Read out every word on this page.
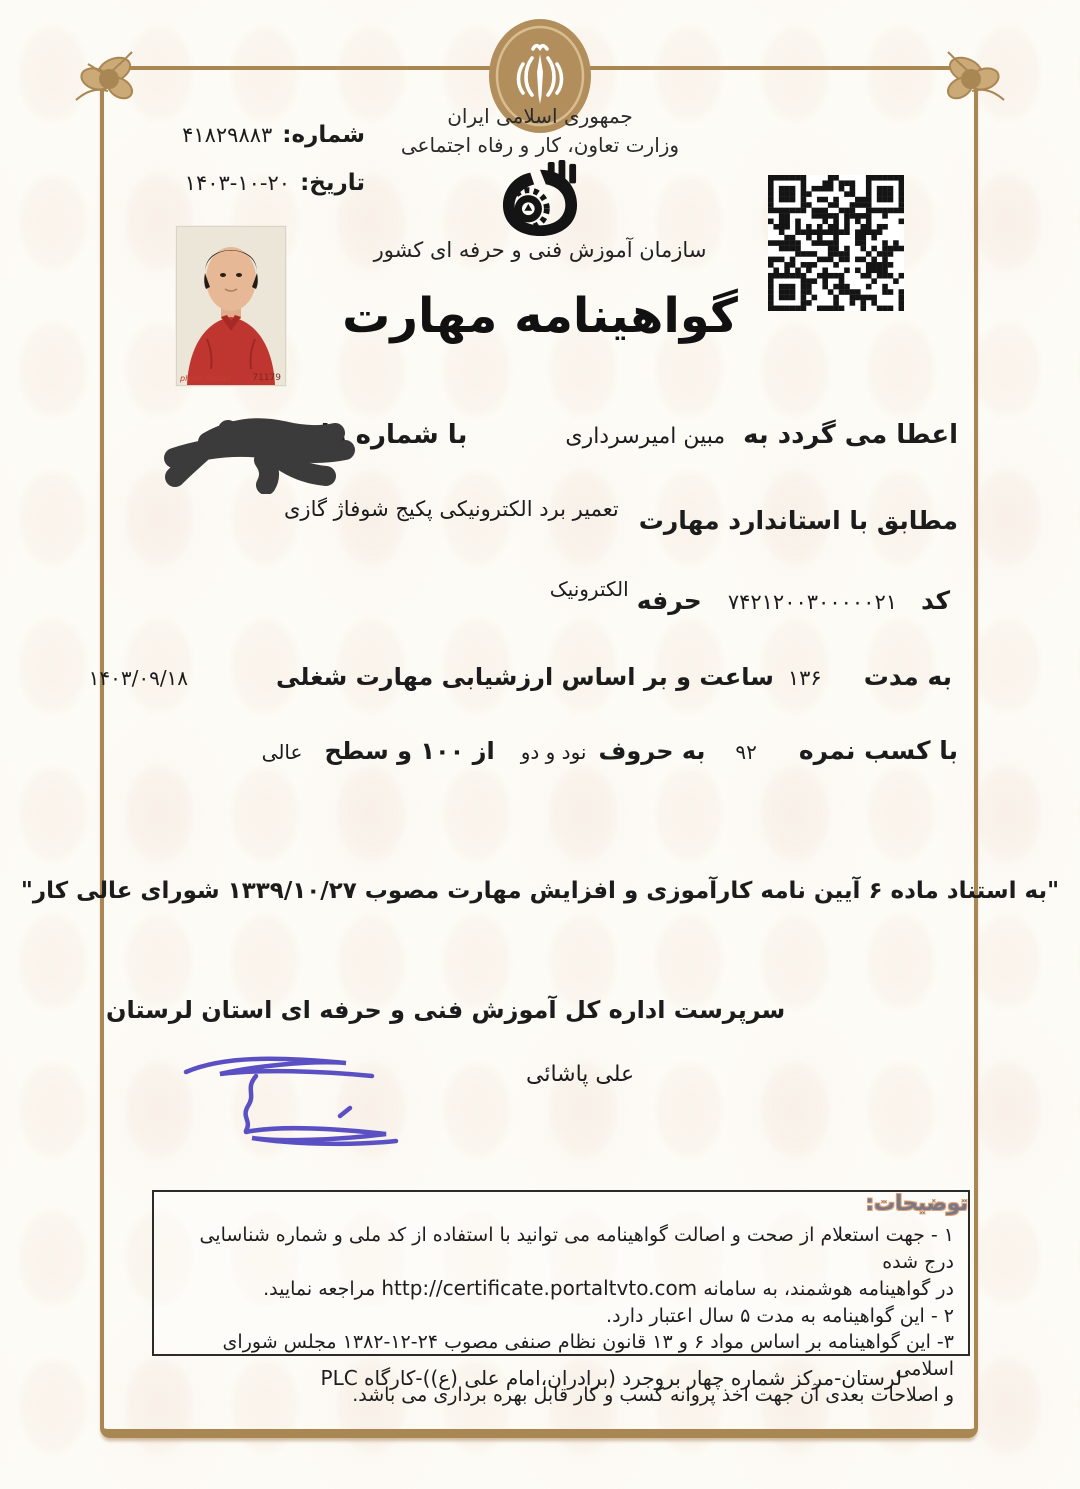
جمهوری اسلامی ایران
وزارت تعاون، کار و رفاه اجتماعی
سازمان آموزش فنی و حرفه ای کشور
شماره:
۴۱۸۲۹۸۸۳
تاریخ:
۱۴۰۳-۱۰-۲۰
photo farzad 71179
گواهینامه مهارت
اعطا می گردد به
مبین امیرسرداری
با شماره ملی
مطابق با استاندارد مهارت
تعمیر برد الکترونیکی پکیج شوفاژ گازی
کد
۷۴۲۱۲۰۰۳۰۰۰۰۰۲۱
حرفه
الکترونیک
به مدت
۱۳۶
ساعت و بر اساس ارزشیابی مهارت شغلی
۱۴۰۳/۰۹/۱۸
با کسب نمره
۹۲
به حروف
نود و دو
از ۱۰۰ و سطح
عالی
"به استناد ماده ۶ آیین نامه کارآموزی و افزایش مهارت مصوب ۱۳۳۹/۱۰/۲۷ شورای عالی کار"
سرپرست اداره کل آموزش فنی و حرفه ای استان لرستان
علی پاشائی
توضیحات:
۱ - جهت استعلام از صحت و اصالت گواهینامه می توانید با استفاده از کد ملی و شماره شناسایی درج شده
در گواهینامه هوشمند، به سامانه http://certificate.portaltvto.com مراجعه نمایید.
۲ - این گواهینامه به مدت ۵ سال اعتبار دارد.
۳- این گواهینامه بر اساس مواد ۶ و ۱۳ قانون نظام صنفی مصوب ۲۴-۱۲-۱۳۸۲ مجلس شورای اسلامی
و اصلاحات بعدی آن جهت اخذ پروانه کسب و کار قابل بهره برداری می باشد.
لرستان-مرکز شماره چهار بروجرد (برادران،امام علی (ع))-کارگاه PLC
